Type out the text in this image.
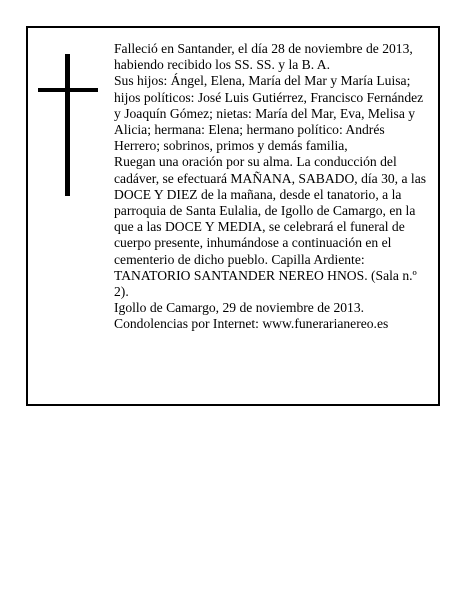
Falleció en Santander, el día 28 de noviembre de 2013, habiendo recibido los SS. SS. y la B. A.

Sus hijos: Ángel, Elena, María del Mar y María Luisa; hijos políticos: José Luis Gutiérrez, Francisco Fernández y Joaquín Gómez; nietas: María del Mar, Eva, Melisa y Alicia; hermana: Elena; hermano político: Andrés Herrero; sobrinos, primos y demás familia,

Ruegan una oración por su alma. La conducción del cadáver, se efectuará MAÑANA, SABADO, día 30, a las DOCE Y DIEZ de la mañana, desde el tanatorio, a la parroquia de Santa Eulalia, de Igollo de Camargo, en la que a las DOCE Y MEDIA, se celebrará el funeral de cuerpo presente, inhumándose a continuación en el cementerio de dicho pueblo. Capilla Ardiente: TANATORIO SANTANDER NEREO HNOS. (Sala n.º 2).

Igollo de Camargo, 29 de noviembre de 2013.

Condolencias por Internet: www.funerarianereo.es
